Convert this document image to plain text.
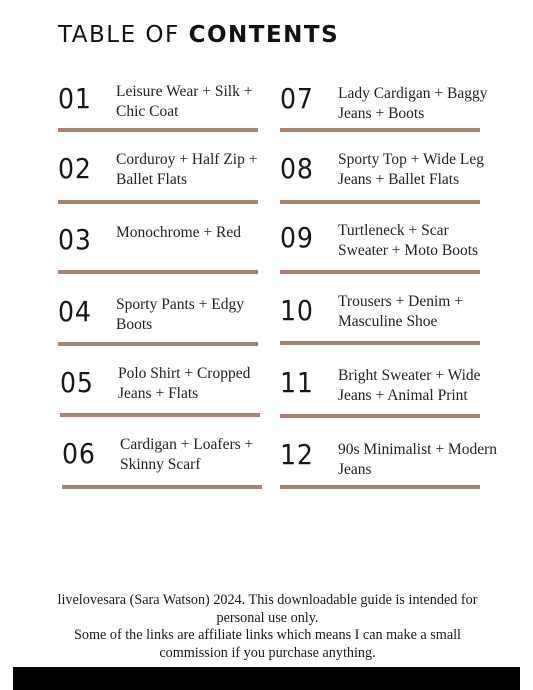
TABLE OF CONTENTS
01 Leisure Wear + Silk + Chic Coat
02 Corduroy + Half Zip + Ballet Flats
03 Monochrome + Red
04 Sporty Pants + Edgy Boots
05 Polo Shirt + Cropped Jeans + Flats
06 Cardigan + Loafers + Skinny Scarf
07 Lady Cardigan + Baggy Jeans + Boots
08 Sporty Top + Wide Leg Jeans + Ballet Flats
09 Turtleneck + Scar Sweater + Moto Boots
10 Trousers + Denim + Masculine Shoe
11 Bright Sweater + Wide Jeans + Animal Print
12 90s Minimalist + Modern Jeans

livelovesara (Sara Watson) 2024. This downloadable guide is intended for personal use only.

Some of the links are affiliate links which means I can make a small commission if you purchase anything.
